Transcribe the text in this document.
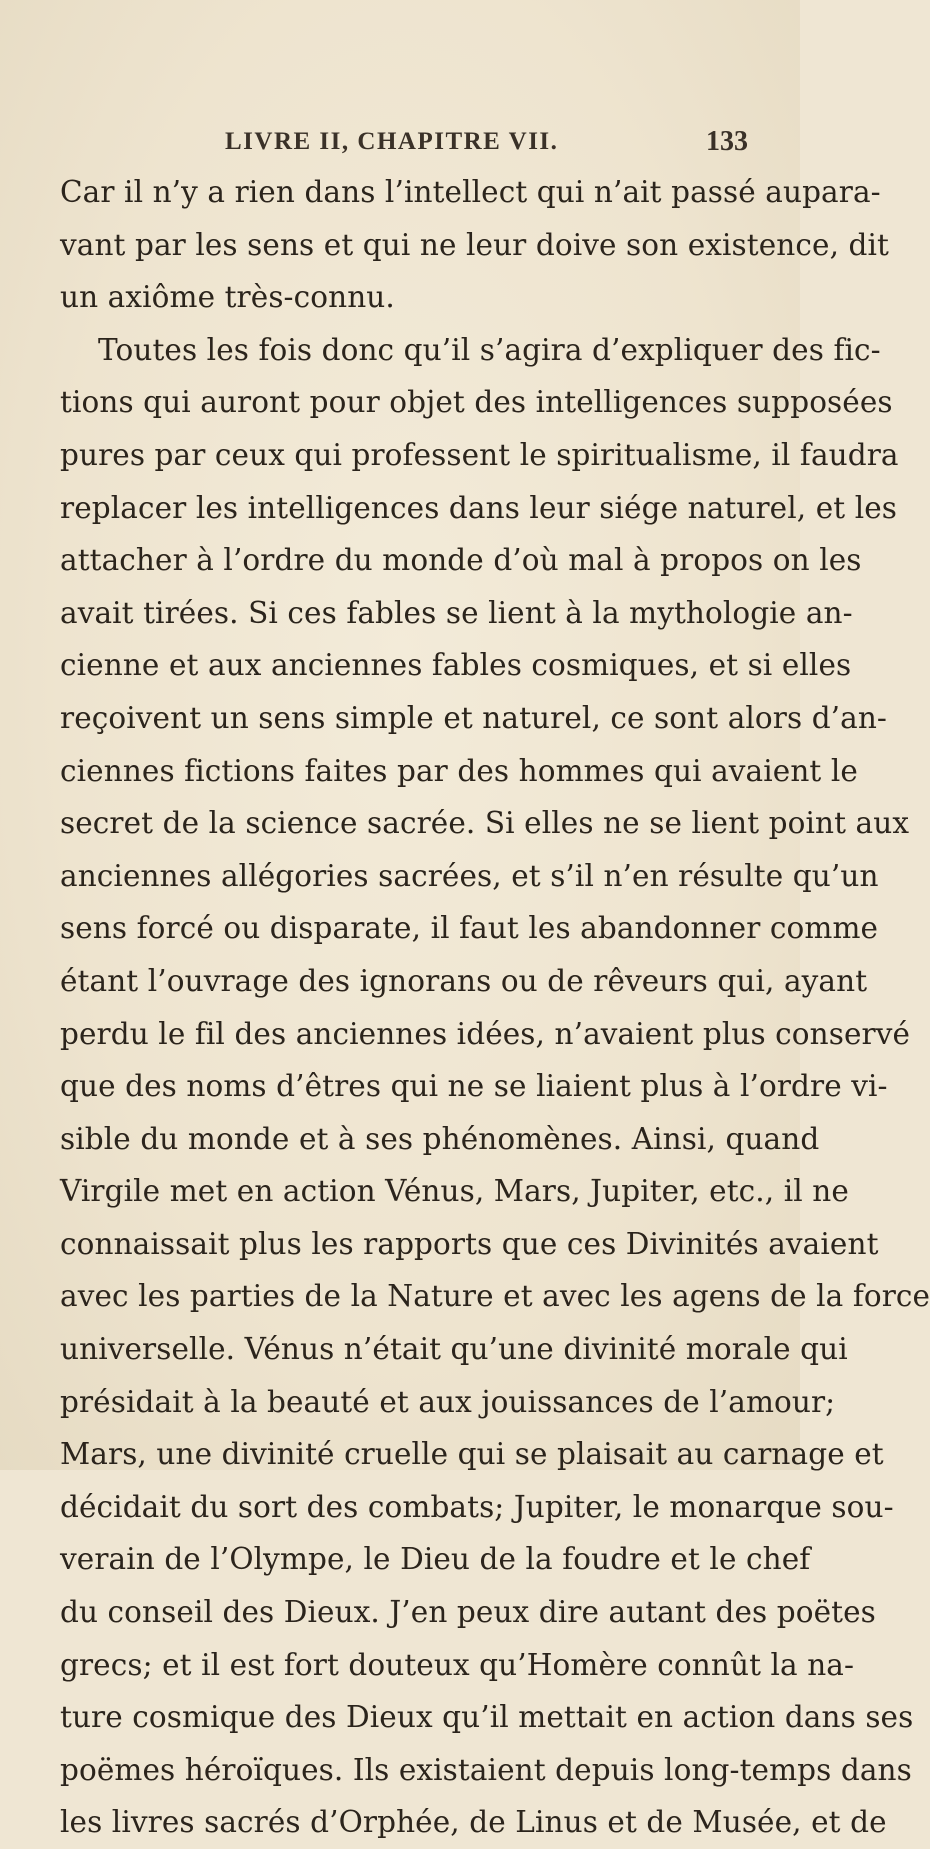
LIVRE II, CHAPITRE VII.	133
Car il n’y a rien dans l’intellect qui n’ait passé aupara-
vant par les sens et qui ne leur doive son existence, dit
un axiôme très-connu.
Toutes les fois donc qu’il s’agira d’expliquer des fic-
tions qui auront pour objet des intelligences supposées
pures par ceux qui professent le spiritualisme, il faudra
replacer les intelligences dans leur siége naturel, et les
attacher à l’ordre du monde d’où mal à propos on les
avait tirées. Si ces fables se lient à la mythologie an-
cienne et aux anciennes fables cosmiques, et si elles
reçoivent un sens simple et naturel, ce sont alors d’an-
ciennes fictions faites par des hommes qui avaient le
secret de la science sacrée. Si elles ne se lient point aux
anciennes allégories sacrées, et s’il n’en résulte qu’un
sens forcé ou disparate, il faut les abandonner comme
étant l’ouvrage des ignorans ou de rêveurs qui, ayant
perdu le fil des anciennes idées, n’avaient plus conservé
que des noms d’êtres qui ne se liaient plus à l’ordre vi-
sible du monde et à ses phénomènes. Ainsi, quand
Virgile met en action Vénus, Mars, Jupiter, etc., il ne
connaissait plus les rapports que ces Divinités avaient
avec les parties de la Nature et avec les agens de la force
universelle. Vénus n’était qu’une divinité morale qui
présidait à la beauté et aux jouissances de l’amour;
Mars, une divinité cruelle qui se plaisait au carnage et
décidait du sort des combats; Jupiter, le monarque sou-
verain de l’Olympe, le Dieu de la foudre et le chef
du conseil des Dieux. J’en peux dire autant des poëtes
grecs; et il est fort douteux qu’Homère connût la na-
ture cosmique des Dieux qu’il mettait en action dans ses
poëmes héroïques. Ils existaient depuis long-temps dans
les livres sacrés d’Orphée, de Linus et de Musée, et de
